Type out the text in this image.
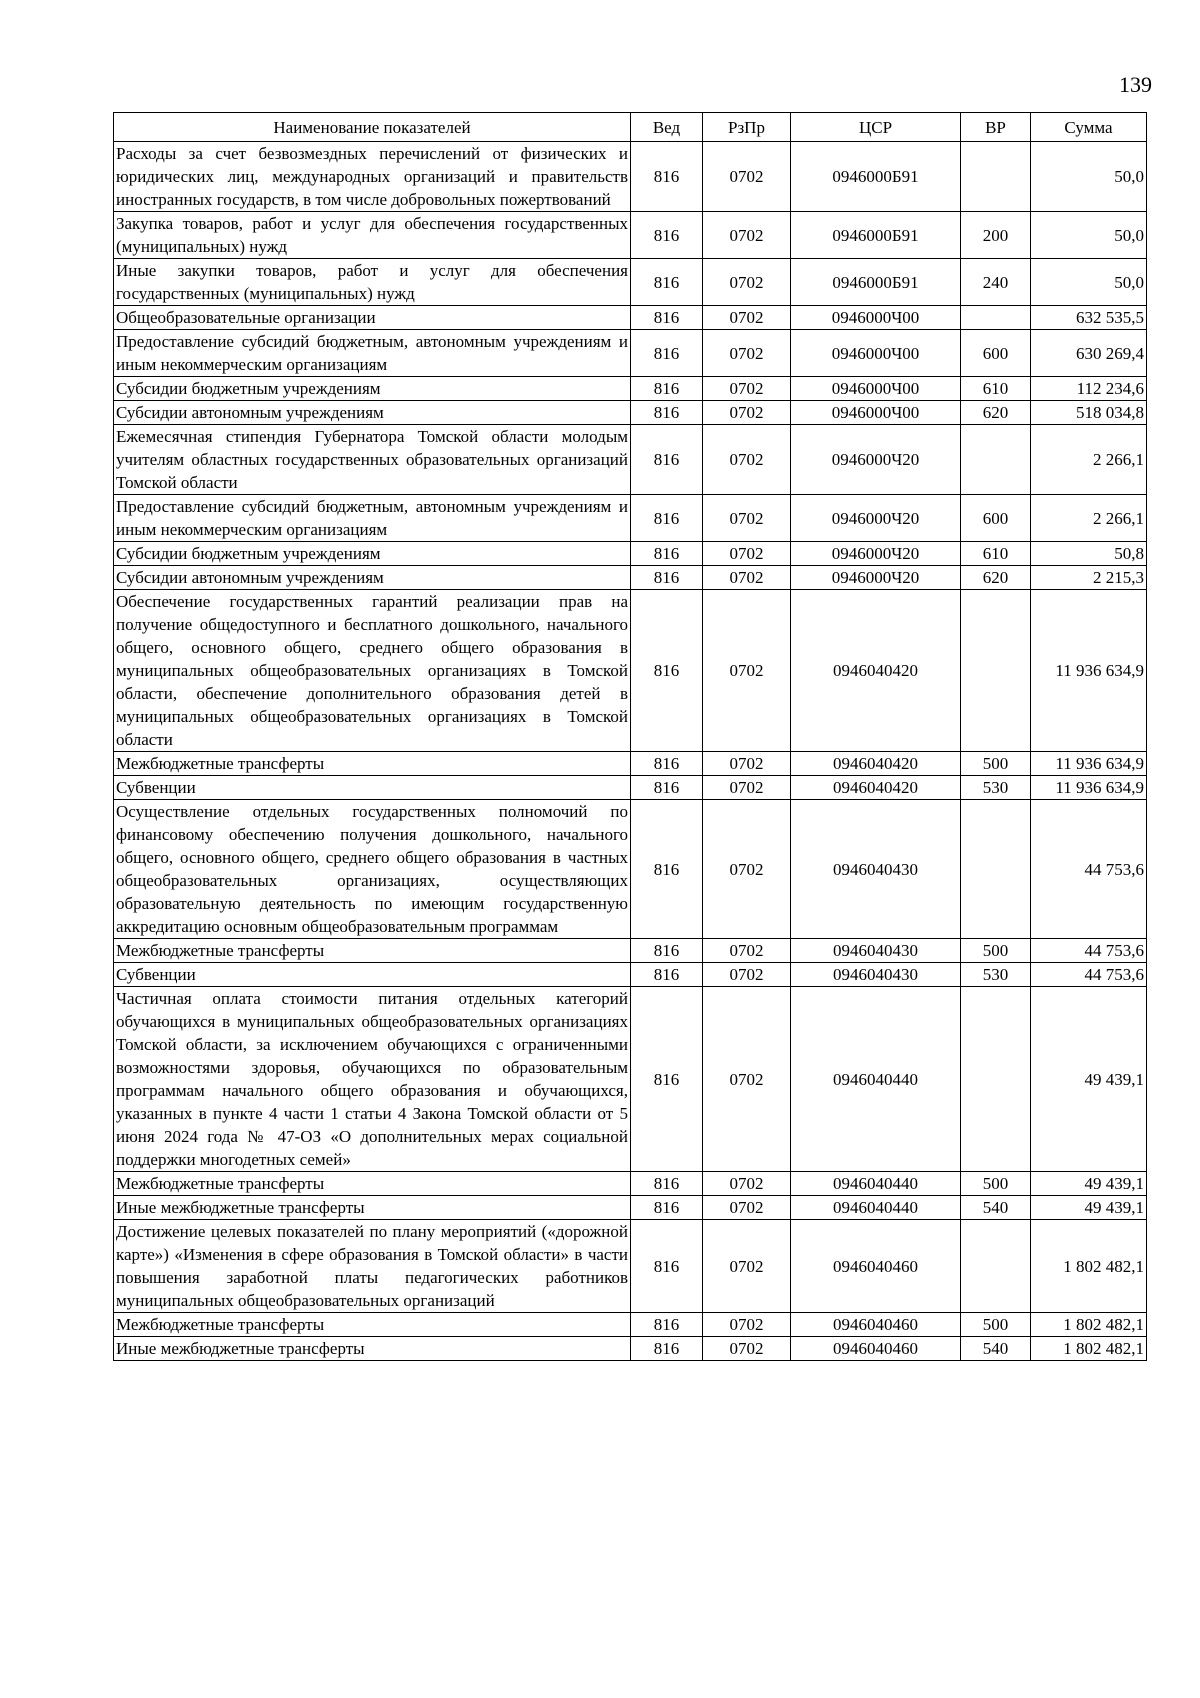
139
Наименование показателей	Вед	РзПр	ЦСР	ВР	Сумма
Расходы за счет безвозмездных перечислений от физических и юридических лиц, международных организаций и правительств иностранных государств, в том числе добровольных пожертвований	816	0702	0946000Б91		50,0
Закупка товаров, работ и услуг для обеспечения государственных (муниципальных) нужд	816	0702	0946000Б91	200	50,0
Иные закупки товаров, работ и услуг для обеспечения государственных (муниципальных) нужд	816	0702	0946000Б91	240	50,0
Общеобразовательные организации	816	0702	0946000Ч00		632 535,5
Предоставление субсидий бюджетным, автономным учреждениям и иным некоммерческим организациям	816	0702	0946000Ч00	600	630 269,4
Субсидии бюджетным учреждениям	816	0702	0946000Ч00	610	112 234,6
Субсидии автономным учреждениям	816	0702	0946000Ч00	620	518 034,8
Ежемесячная стипендия Губернатора Томской области молодым учителям областных государственных образовательных организаций Томской области	816	0702	0946000Ч20		2 266,1
Предоставление субсидий бюджетным, автономным учреждениям и иным некоммерческим организациям	816	0702	0946000Ч20	600	2 266,1
Субсидии бюджетным учреждениям	816	0702	0946000Ч20	610	50,8
Субсидии автономным учреждениям	816	0702	0946000Ч20	620	2 215,3
Обеспечение государственных гарантий реализации прав на получение общедоступного и бесплатного дошкольного, начального общего, основного общего, среднего общего образования в муниципальных общеобразовательных организациях в Томской области, обеспечение дополнительного образования детей в муниципальных общеобразовательных организациях в Томской области	816	0702	0946040420		11 936 634,9
Межбюджетные трансферты	816	0702	0946040420	500	11 936 634,9
Субвенции	816	0702	0946040420	530	11 936 634,9
Осуществление отдельных государственных полномочий по финансовому обеспечению получения дошкольного, начального общего, основного общего, среднего общего образования в частных общеобразовательных организациях, осуществляющих образовательную деятельность по имеющим государственную аккредитацию основным общеобразовательным программам	816	0702	0946040430		44 753,6
Межбюджетные трансферты	816	0702	0946040430	500	44 753,6
Субвенции	816	0702	0946040430	530	44 753,6
Частичная оплата стоимости питания отдельных категорий обучающихся в муниципальных общеобразовательных организациях Томской области, за исключением обучающихся с ограниченными возможностями здоровья, обучающихся по образовательным программам начального общего образования и обучающихся, указанных в пункте 4 части 1 статьи 4 Закона Томской области от 5 июня 2024 года № 47-ОЗ «О дополнительных мерах социальной поддержки многодетных семей»	816	0702	0946040440		49 439,1
Межбюджетные трансферты	816	0702	0946040440	500	49 439,1
Иные межбюджетные трансферты	816	0702	0946040440	540	49 439,1
Достижение целевых показателей по плану мероприятий («дорожной карте») «Изменения в сфере образования в Томской области» в части повышения заработной платы педагогических работников муниципальных общеобразовательных организаций	816	0702	0946040460		1 802 482,1
Межбюджетные трансферты	816	0702	0946040460	500	1 802 482,1
Иные межбюджетные трансферты	816	0702	0946040460	540	1 802 482,1
